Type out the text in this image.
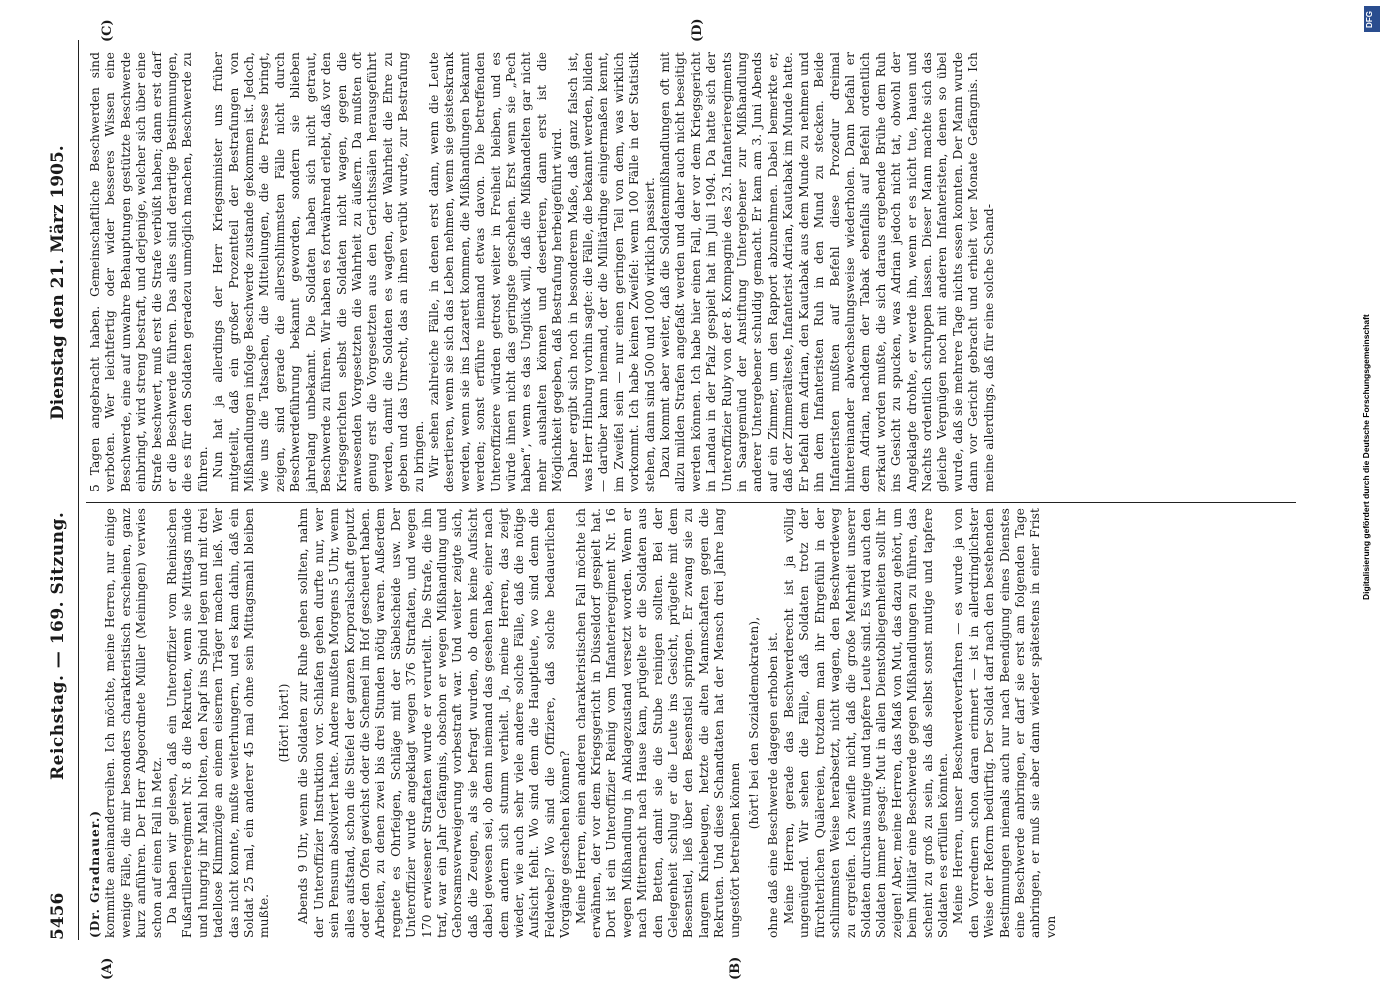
5456
Reichstag. — 169. Sitzung.
Dienstag den 21. März 1905.
(A)	(B)
(C)	(D)

(Dr. Gradnauer.) kommitte aneinanderreihen. Ich möchte, meine Herren, nur einige wenige Fälle, die mir besonders charakteristisch erscheinen, ganz kurz anführen. Der Herr Abgeordnete Müller (Meiningen) verwies schon auf einen Fall in Metz. Da haben wir gelesen, daß ein Unteroffizier vom Rheinischen Fußartillerieregiment Nr. 8 die Rekruten, wenn sie Mittags müde und hungrig ihr Mahl holten, den Napf ins Spind legen und mit drei tadellose Klimmzüge an einem eisernen Träger machen ließ. Wer das nicht konnte, mußte weiterhungern, und es kam dahin, daß ein Soldat 25 mal, ein anderer 45 mal ohne sein Mittagsmahl bleiben mußte.

(Hört! hört!) Abends 9 Uhr, wenn die Soldaten zur Ruhe gehen sollten, nahm der Unteroffizier Instruktion vor. Schlafen gehen durfte nur, wer sein Pensum absolviert hatte. Andere mußten Morgens 5 Uhr, wenn alles aufstand, schon die Stiefel der ganzen Korporalschaft geputzt oder den Ofen gewichst oder die Schemel im Hof gescheuert haben. Arbeiten, zu denen zwei bis drei Stunden nötig waren. Außerdem regnete es Ohrfeigen, Schläge mit der Säbelscheide usw. Der Unteroffizier wurde angeklagt wegen 376 Straftaten, und wegen 170 erwiesener Straftaten wurde er verurteilt. Die Strafe, die ihn traf, war ein Jahr Gefängnis, obschon er wegen Mißhandlung und Gehorsamsverweigerung vorbestraft war. Und weiter zeigte sich, daß die Zeugen, als sie befragt wurden, ob denn keine Aufsicht dabei gewesen sei, ob denn niemand das gesehen habe, einer nach dem andern sich stumm verhielt. Ja, meine Herren, das zeigt wieder, wie auch sehr viele andere solche Fälle, daß die nötige Aufsicht fehlt. Wo sind denn die Hauptleute, wo sind denn die Feldwebel? Wo sind die Offiziere, daß solche bedauerlichen Vorgänge geschehen können? Meine Herren, einen anderen charakteristischen Fall möchte ich erwähnen, der vor dem Kriegsgericht in Düsseldorf gespielt hat. Dort ist ein Unteroffizier Reinig vom Infanterieregiment Nr. 16 wegen Mißhandlung in Anklagezustand versetzt worden. Wenn er nach Mitternacht nach Hause kam, prügelte er die Soldaten aus den Betten, damit sie die Stube reinigen sollten. Bei der Gelegenheit schlug er die Leute ins Gesicht, prügelte mit dem Besenstiel, ließ über den Besenstiel springen. Er zwang sie zu langem Kniebeugen, hetzte die alten Mannschaften gegen die Rekruten. Und diese Schandtaten hat der Mensch drei Jahre lang ungestört betreiben können

(hört! bei den Sozialdemokraten), ohne daß eine Beschwerde dagegen erhoben ist. Meine Herren, gerade das Beschwerderecht ist ja völlig ungenügend. Wir sehen die Fälle, daß Soldaten trotz der fürchterlichen Quälereien, trotzdem man ihr Ehrgefühl in der schlimmsten Weise herabsetzt, nicht wagen, den Beschwerdeweg zu ergreifen. Ich zweifle nicht, daß die große Mehrheit unserer Soldaten durchaus mutige und tapfere Leute sind. Es wird auch den Soldaten immer gesagt: Mut in allen Dienstobliegenheiten sollt ihr zeigen! Aber, meine Herren, das Maß von Mut, das dazu gehört, um beim Militär eine Beschwerde gegen Mißhandlungen zu führen, das scheint zu groß zu sein, als daß selbst sonst mutige und tapfere Soldaten es erfüllen könnten. Meine Herren, unser Beschwerdeverfahren — es wurde ja von den Vorrednern schon daran erinnert — ist in allerdringlichster Weise der Reform bedürftig. Der Soldat darf nach den bestehenden Bestimmungen niemals auch nur nach Beendigung eines Dienstes eine Beschwerde anbringen, er darf sie erst am folgenden Tage anbringen, er muß sie aber dann wieder spätestens in einer Frist von

5 Tagen angebracht haben. Gemeinschaftliche Beschwerden sind verboten. Wer leichtfertig oder wider besseres Wissen eine Beschwerde, eine auf unwahre Behauptungen gestützte Beschwerde einbringt, wird streng bestraft, und derjenige, welcher sich über eine Strafe beschwert, muß erst die Strafe verbüßt haben; dann erst darf er die Beschwerde führen. Das alles sind derartige Bestimmungen, die es für den Soldaten geradezu unmöglich machen, Beschwerde zu führen. Nun hat ja allerdings der Herr Kriegsminister uns früher mitgeteilt, daß ein großer Prozentteil der Bestrafungen von Mißhandlungen infolge Beschwerde zustande gekommen ist. Jedoch, wie uns die Tatsachen, die Mitteilungen, die die Presse bringt, zeigen, sind gerade die allerschlimmsten Fälle nicht durch Beschwerdeführung bekannt geworden, sondern sie blieben jahrelang unbekannt. Die Soldaten haben sich nicht getraut, Beschwerde zu führen. Wir haben es fortwährend erlebt, daß vor den Kriegsgerichten selbst die Soldaten nicht wagen, gegen die anwesenden Vorgesetzten die Wahrheit zu äußern. Da mußten oft genug erst die Vorgesetzten aus den Gerichtssälen herausgeführt werden, damit die Soldaten es wagten, der Wahrheit die Ehre zu geben und das Unrecht, das an ihnen verübt wurde, zur Bestrafung zu bringen. Wir sehen zahlreiche Fälle, in denen erst dann, wenn die Leute desertieren, wenn sie sich das Leben nehmen, wenn sie geisteskrank werden, wenn sie ins Lazarett kommen, die Mißhandlungen bekannt werden; sonst erführe niemand etwas davon. Die betreffenden Unteroffiziere würden getrost weiter in Freiheit bleiben, und es würde ihnen nicht das geringste geschehen. Erst wenn sie „Pech haben“, wenn es das Unglück will, daß die Mißhandelten gar nicht mehr aushalten können und desertieren, dann erst ist die Möglichkeit gegeben, daß Bestrafung herbeigeführt wird. Daher ergibt sich noch in besonderem Maße, daß ganz falsch ist, was Herr Hinburg vorhin sagte: die Fälle, die bekannt werden, bilden — darüber kann niemand, der die Militärdinge einigermaßen kennt, im Zweifel sein — nur einen geringen Teil von dem, was wirklich vorkommt. Ich habe keinen Zweifel: wenn 100 Fälle in der Statistik stehen, dann sind 500 und 1000 wirklich passiert. Dazu kommt aber weiter, daß die Soldatenmißhandlungen oft mit allzu milden Strafen angefaßt werden und daher auch nicht beseitigt werden können. Ich habe hier einen Fall, der vor dem Kriegsgericht in Landau in der Pfalz gespielt hat im Juli 1904. Da hatte sich der Unteroffizier Ruby von der 8. Kompagnie des 23. Infanterieregiments in Saargemünd der Anstiftung Untergebener zur Mißhandlung anderer Untergebener schuldig gemacht. Er kam am 3. Juni Abends auf ein Zimmer, um den Rapport abzunehmen. Dabei bemerkte er, daß der Zimmerälteste, Infanterist Adrian, Kautabak im Munde hatte. Er befahl dem Adrian, den Kautabak aus dem Munde zu nehmen und ihn dem Infanteristen Ruh in den Mund zu stecken. Beide Infanteristen mußten auf Befehl diese Prozedur dreimal hintereinander abwechselungsweise wiederholen. Dann befahl er dem Adrian, nachdem der Tabak ebenfalls auf Befehl ordentlich zerkaut worden mußte, die sich daraus ergebende Brühe dem Ruh ins Gesicht zu spucken, was Adrian jedoch nicht tat, obwohl der Angeklagte drohte, er werde ihn, wenn er es nicht tue, hauen und Nachts ordentlich schruppen lassen. Dieser Mann machte sich das gleiche Vergnügen noch mit anderen Infanteristen, denen so übel wurde, daß sie mehrere Tage nichts essen konnten. Der Mann wurde dann vor Gericht gebracht und erhielt vier Monate Gefängnis. Ich meine allerdings, daß für eine solche Schand-	Digitalisierung gefördert durch die Deutsche Forschungsgemeinschaft
DFG
